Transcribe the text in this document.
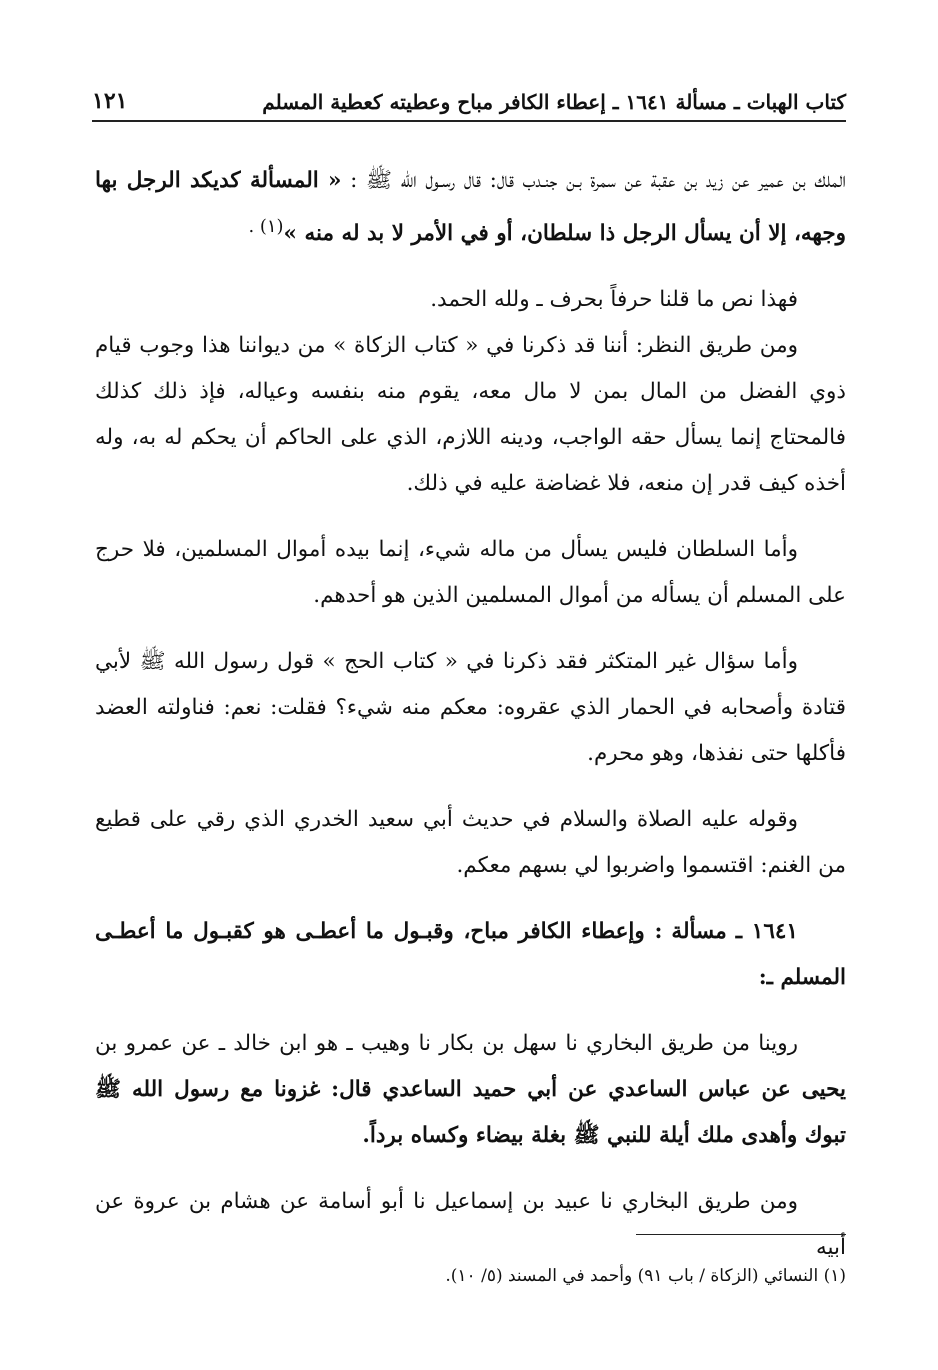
كتاب الهبات ـ مسألة ١٦٤١ ـ إعطاء الكافر مباح وعطيته كعطية المسلم
١٢١

الملك بن عمير عن زيد بن عقبة عن سمرة بـن جنـدب قال: قال رسـول الله ﷺ : « المسألة كديكد الرجل بها وجهه، إلا أن يسأل الرجل ذا سلطان، أو في الأمر لا بد له منه »$^{(١) .}$

فهذا نص ما قلنا حرفاً بحرف ـ ولله الحمد.

ومن طريق النظر: أننا قد ذكرنا في « كتاب الزكاة » من ديواننا هذا وجوب قيام ذوي الفضل من المال بمن لا مال معه، يقوم منه بنفسه وعياله، فإذ ذلك كذلك فالمحتاج إنما يسأل حقه الواجب، ودينه اللازم، الذي على الحاكم أن يحكم له به، وله أخذه كيف قدر إن منعه، فلا غضاضة عليه في ذلك.

وأما السلطان فليس يسأل من ماله شيء، إنما بيده أموال المسلمين، فلا حرج على المسلم أن يسأله من أموال المسلمين الذين هو أحدهم.

وأما سؤال غير المتكثر فقد ذكرنا في « كتاب الحج » قول رسول الله ﷺ لأبي قتادة وأصحابه في الحمار الذي عقروه: معكم منه شيء؟ فقلت: نعم: فناولته العضد فأكلها حتى نفذها، وهو محرم.

وقوله عليه الصلاة والسلام في حديث أبي سعيد الخدري الذي رقي على قطيع من الغنم: اقتسموا واضربوا لي بسهم معكم.

١٦٤١ ـ مسألة : وإعطاء الكافر مباح، وقبـول ما أعطـى هو كقبـول ما أعطـى المسلم ـ:

روينا من طريق البخاري نا سهل بن بكار نا وهيب ـ هو ابن خالد ـ عن عمرو بن يحيى عن عباس الساعدي عن أبي حميد الساعدي قال: غزونا مع رسول الله ﷺ تبوك وأهدى ملك أيلة للنبي ﷺ بغلة بيضاء وكساه برداً.

ومن طريق البخاري نا عبيد بن إسماعيل نا أبو أسامة عن هشام بن عروة عن أبيه

(١) النسائي (الزكاة / باب ٩١) وأحمد في المسند (٥/ ١٠).
